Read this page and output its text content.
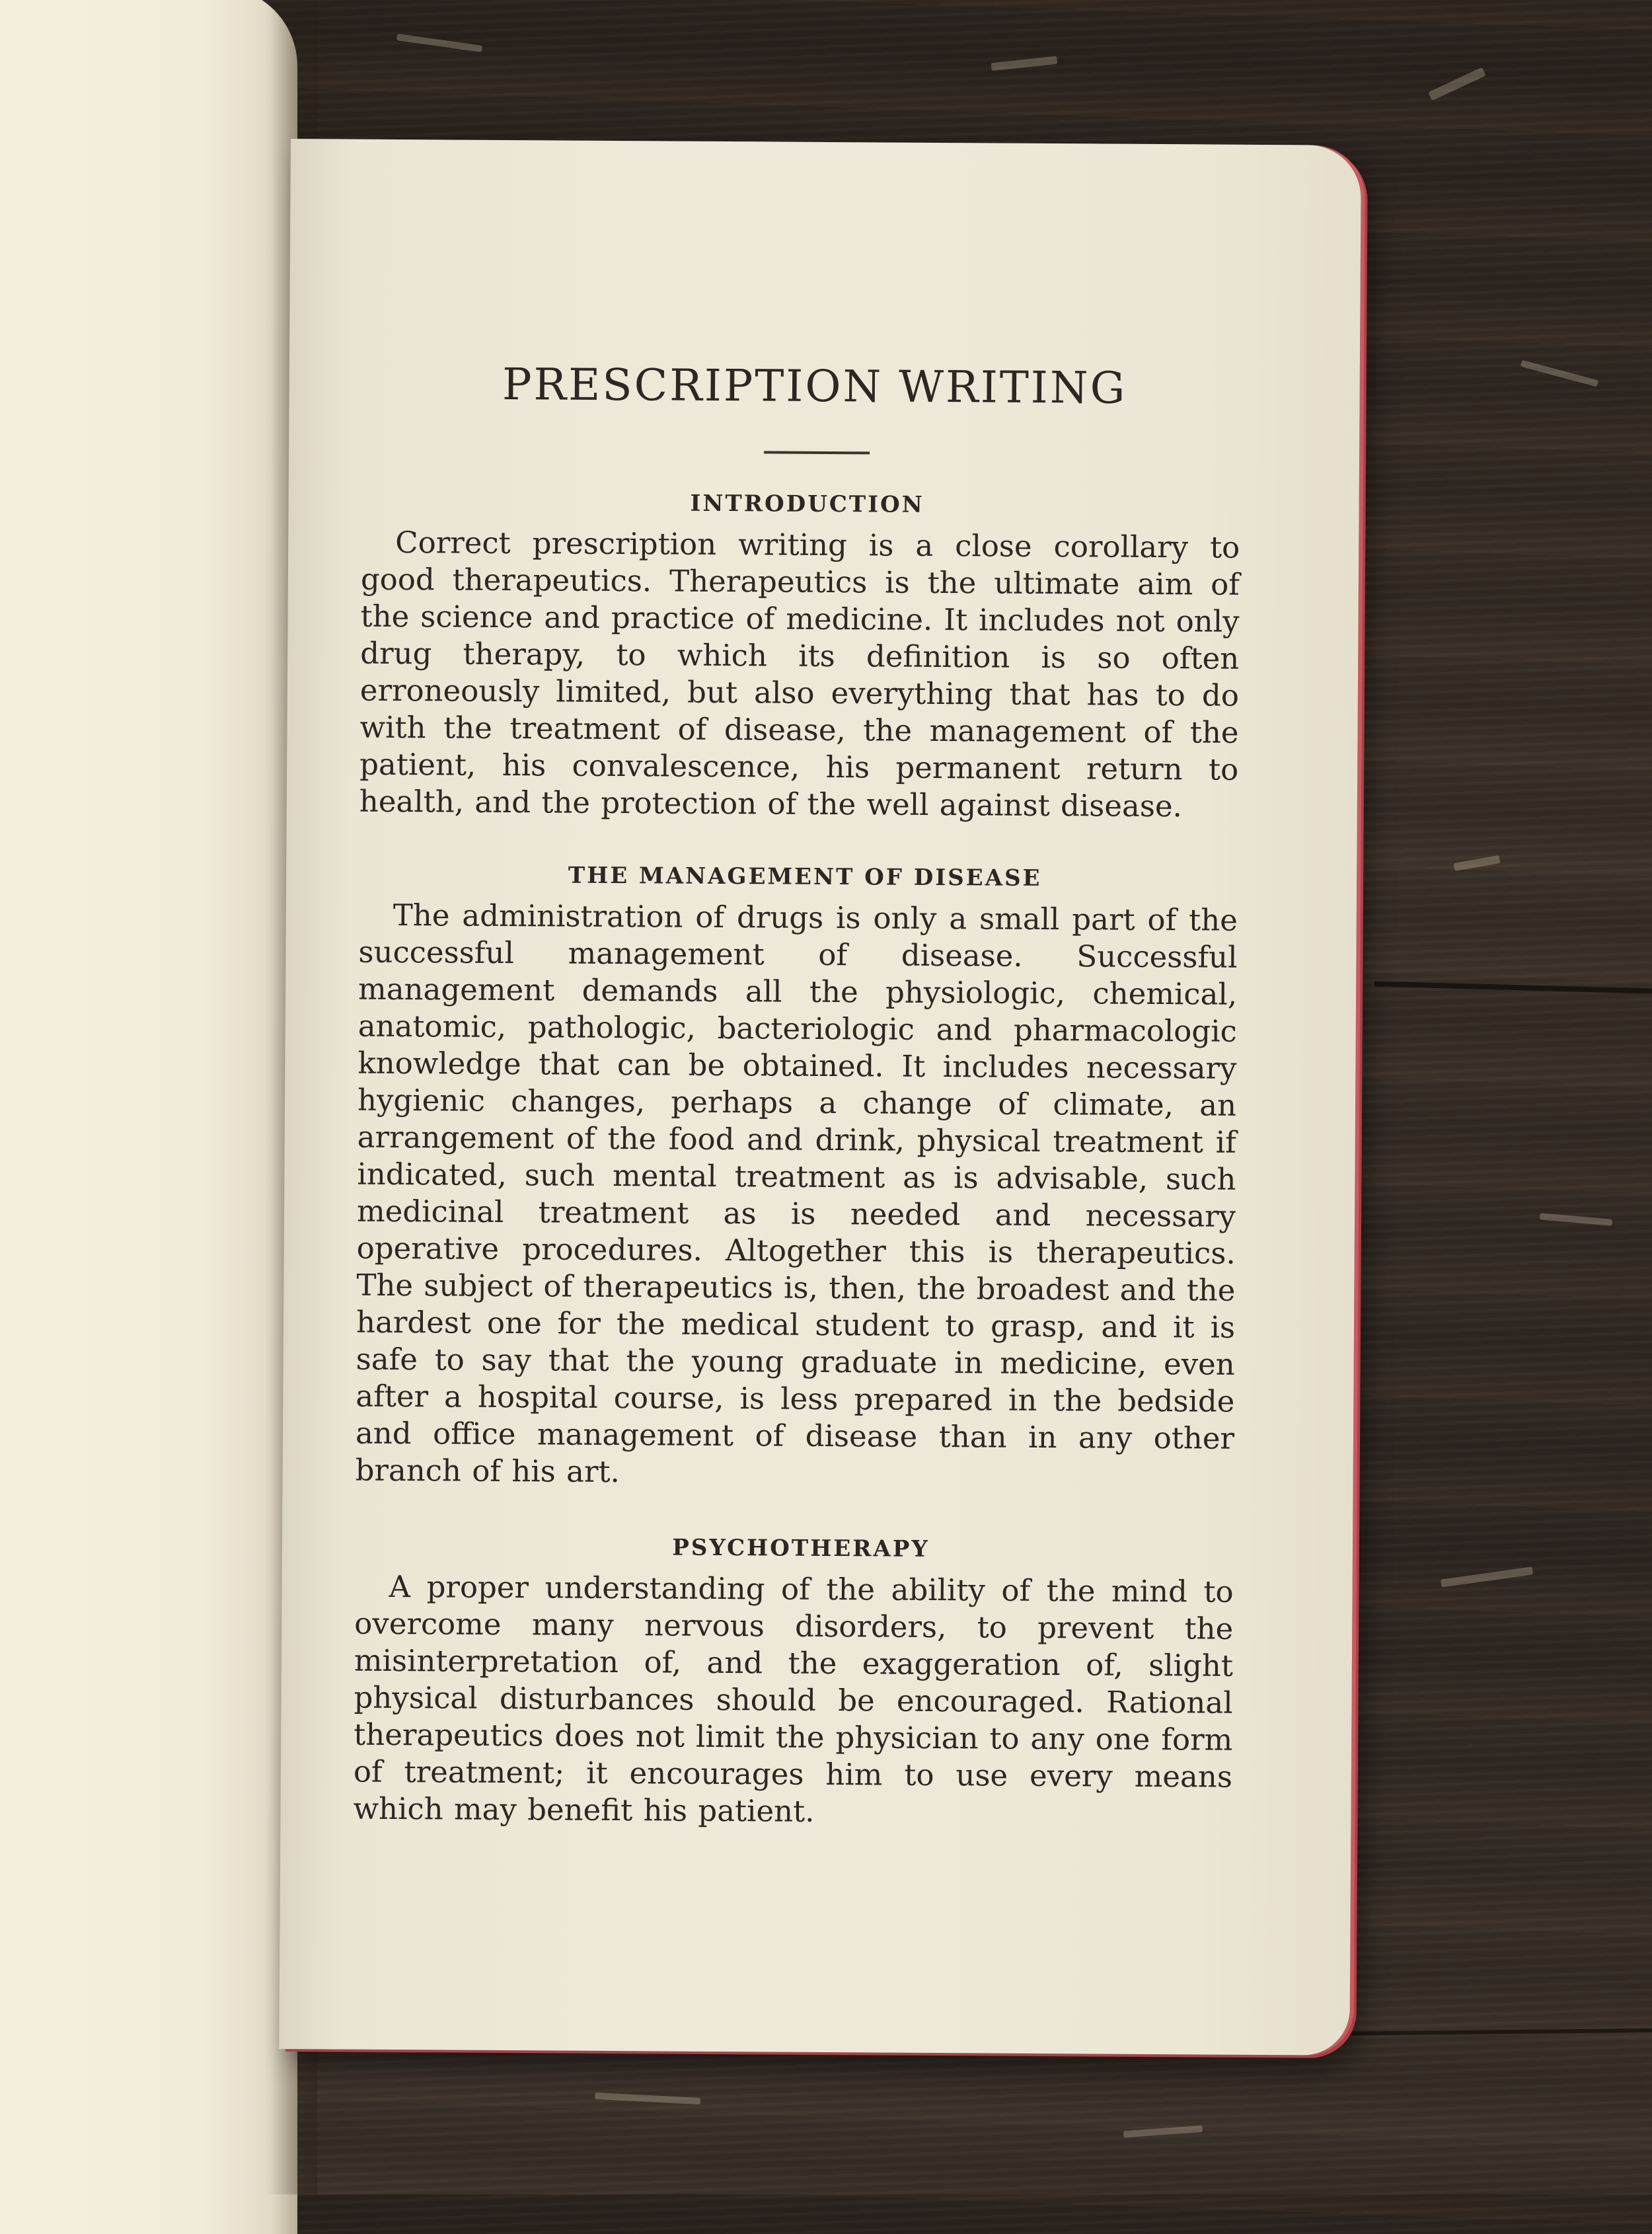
PRESCRIPTION WRITING
INTRODUCTION

Correct prescription writing is a close corollary to good therapeutics. Therapeutics is the ultimate aim of the science and practice of medicine. It includes not only drug therapy, to which its definition is so often erroneously limited, but also everything that has to do with the treatment of disease, the management of the patient, his convalescence, his permanent return to health, and the protection of the well against disease.

THE MANAGEMENT OF DISEASE

The administration of drugs is only a small part of the successful management of disease. Successful management demands all the physiologic, chemical, anatomic, pathologic, bacteriologic and pharmacologic knowledge that can be obtained. It includes necessary hygienic changes, perhaps a change of climate, an arrangement of the food and drink, physical treatment if indicated, such mental treatment as is advisable, such medicinal treatment as is needed and necessary operative procedures. Altogether this is therapeutics. The subject of therapeutics is, then, the broadest and the hardest one for the medical student to grasp, and it is safe to say that the young graduate in medicine, even after a hospital course, is less prepared in the bedside and office management of disease than in any other branch of his art.

PSYCHOTHERAPY

A proper understanding of the ability of the mind to overcome many nervous disorders, to prevent the misinterpretation of, and the exaggeration of, slight physical disturbances should be encouraged. Rational therapeutics does not limit the physician to any one form of treatment; it encourages him to use every means which may benefit his patient.
